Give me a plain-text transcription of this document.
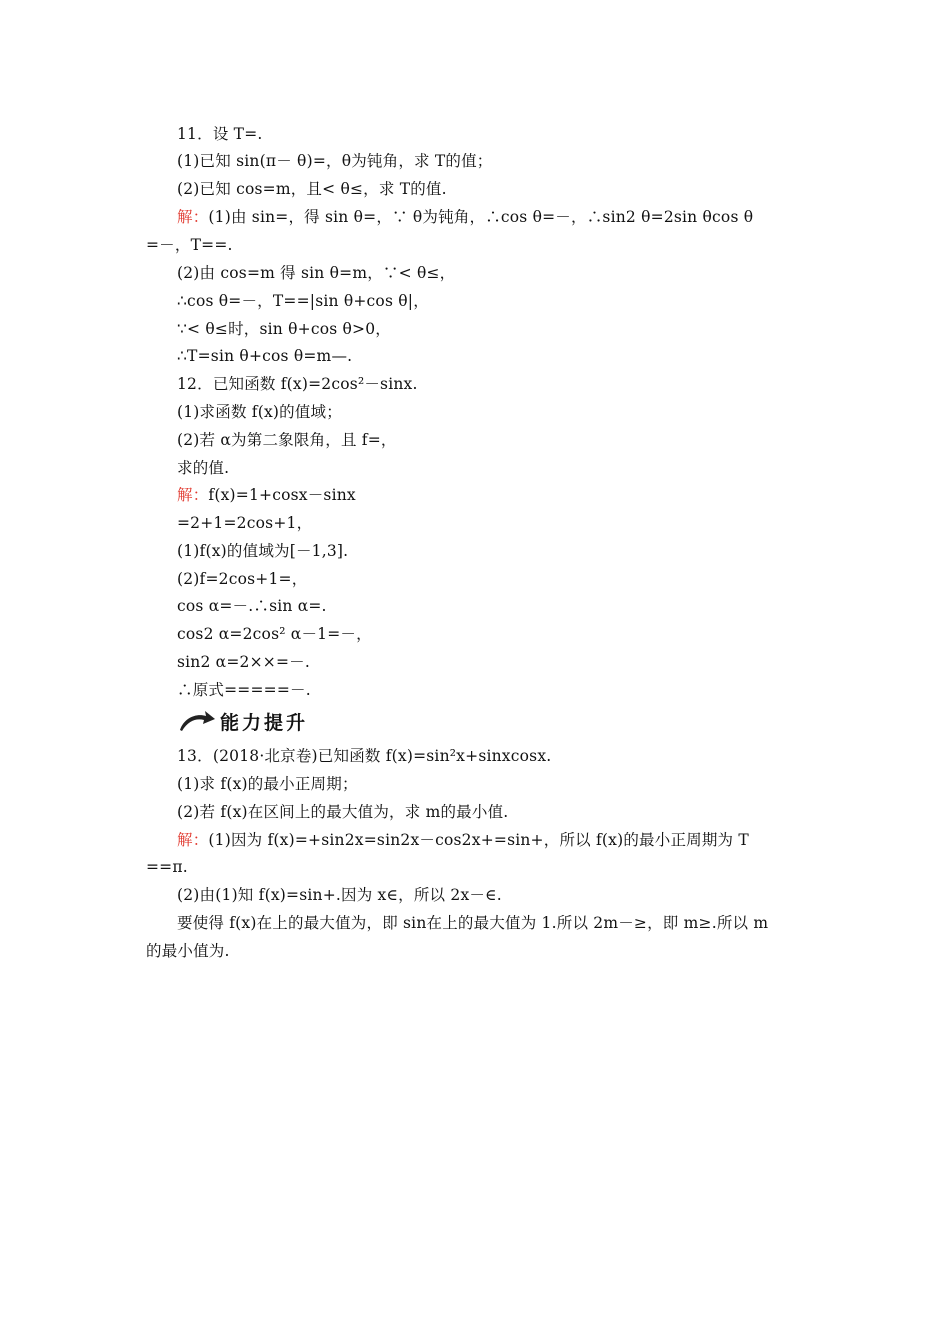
11．设 T=.
(1)已知 sin(π－ θ)=，θ为钝角，求 T的值；
(2)已知 cos=m，且< θ≤，求 T的值.
解：(1)由 sin=，得 sin θ=，∵ θ为钝角，∴cos θ=－，∴sin2 θ=2sin θcos θ
=－，T==.
(2)由 cos=m 得 sin θ=m，∵< θ≤，
∴cos θ=－，T==|sin θ+cos θ|，
∵< θ≤时，sin θ+cos θ>0，
∴T=sin θ+cos θ=m—.
12．已知函数 f(x)=2cos²－sinx.
(1)求函数 f(x)的值域；
(2)若 α为第二象限角，且 f=，
求的值.
解：f(x)=1+cosx－sinx
=2+1=2cos+1，
(1)f(x)的值域为[－1,3].
(2)f=2cos+1=，
cos α=－.∴sin α=.
cos2 α=2cos² α－1=－，
sin2 α=2××=－.
∴原式=====－.
13．(2018·北京卷)已知函数 f(x)=sin²x+sinxcosx.
(1)求 f(x)的最小正周期；
(2)若 f(x)在区间上的最大值为，求 m的最小值.
解：(1)因为 f(x)=+sin2x=sin2x－cos2x+=sin+，所以 f(x)的最小正周期为 T
==π.
(2)由(1)知 f(x)=sin+.因为 x∈，所以 2x－∈.
要使得 f(x)在上的最大值为，即 sin在上的最大值为 1.所以 2m－≥，即 m≥.所以 m
的最小值为.
能力提升
